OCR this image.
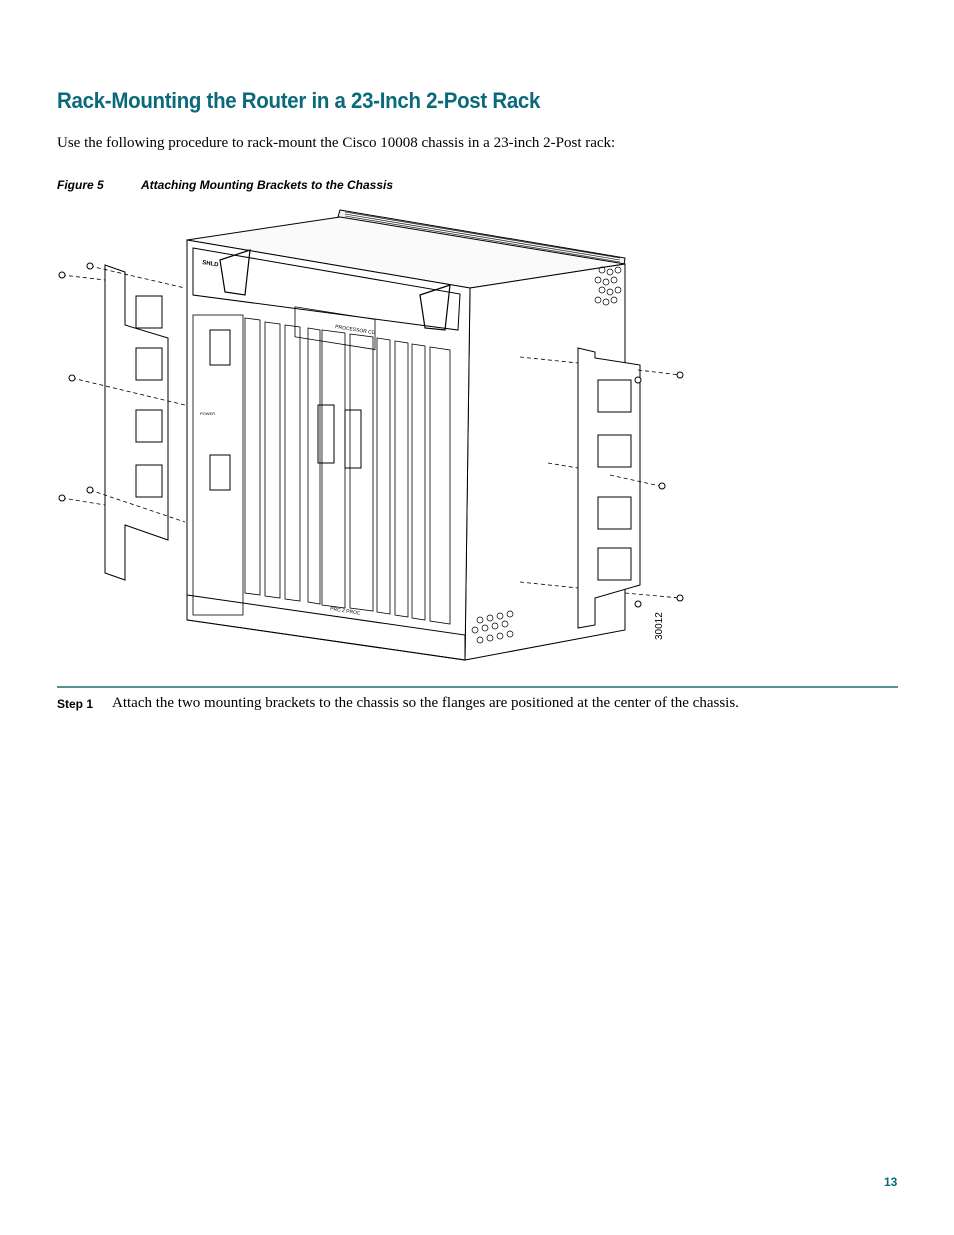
Rack-Mounting the Router in a 23-Inch 2-Post Rack
Use the following procedure to rack-mount the Cisco 10008 chassis in a 23-inch 2-Post rack:
Figure 5	Attaching Mounting Brackets to the Chassis
SHLD
POWER
PROCESSOR CD
PRC 2 PROC
30012
Step 1 Attach the two mounting brackets to the chassis so the flanges are positioned at the center of the chassis.
13
